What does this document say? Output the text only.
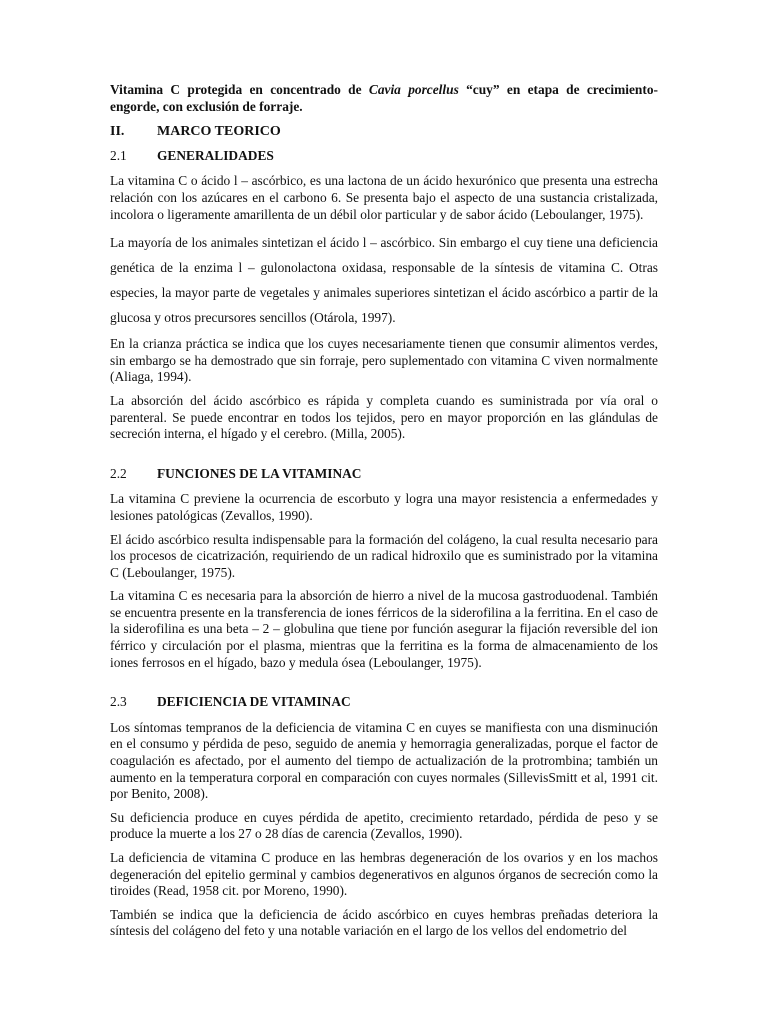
Vitamina C protegida en concentrado de Cavia porcellus “cuy” en etapa de crecimiento-engorde, con exclusión de forraje.
II.	MARCO TEORICO
2.1	GENERALIDADES

La vitamina C o ácido l – ascórbico, es una lactona de un ácido hexurónico que presenta una estrecha relación con los azúcares en el carbono 6. Se presenta bajo el aspecto de una sustancia cristalizada, incolora o ligeramente amarillenta de un débil olor particular y de sabor ácido (Leboulanger, 1975).

La mayoría de los animales sintetizan el ácido l – ascórbico. Sin embargo el cuy tiene una deficiencia genética de la enzima l – gulonolactona oxidasa, responsable de la síntesis de vitamina C. Otras especies, la mayor parte de vegetales y animales superiores sintetizan el ácido ascórbico a partir de la glucosa y otros precursores sencillos (Otárola, 1997).

En la crianza práctica se indica que los cuyes necesariamente tienen que consumir alimentos verdes, sin embargo se ha demostrado que sin forraje, pero suplementado con vitamina C viven normalmente (Aliaga, 1994).

La absorción del ácido ascórbico es rápida y completa cuando es suministrada por vía oral o parenteral. Se puede encontrar en todos los tejidos, pero en mayor proporción en las glándulas de secreción interna, el hígado y el cerebro. (Milla, 2005).

2.2	FUNCIONES DE LA VITAMINAC

La vitamina C previene la ocurrencia de escorbuto y logra una mayor resistencia a enfermedades y lesiones patológicas (Zevallos, 1990).

El ácido ascórbico resulta indispensable para la formación del colágeno, la cual resulta necesario para los procesos de cicatrización, requiriendo de un radical hidroxilo que es suministrado por la vitamina C (Leboulanger, 1975).

La vitamina C es necesaria para la absorción de hierro a nivel de la mucosa gastroduodenal. También se encuentra presente en la transferencia de iones férricos de la siderofilina a la ferritina. En el caso de la siderofilina es una beta – 2 – globulina que tiene por función asegurar la fijación reversible del ion férrico y circulación por el plasma, mientras que la ferritina es la forma de almacenamiento de los iones ferrosos en el hígado, bazo y medula ósea (Leboulanger, 1975).

2.3	DEFICIENCIA DE VITAMINAC

Los síntomas tempranos de la deficiencia de vitamina C en cuyes se manifiesta con una disminución en el consumo y pérdida de peso, seguido de anemia y hemorragia generalizadas, porque el factor de coagulación es afectado, por el aumento del tiempo de actualización de la protrombina; también un aumento en la temperatura corporal en comparación con cuyes normales (SillevisSmitt et al, 1991 cit. por Benito, 2008).

Su deficiencia produce en cuyes pérdida de apetito, crecimiento retardado, pérdida de peso y se produce la muerte a los 27 o 28 días de carencia (Zevallos, 1990).

La deficiencia de vitamina C produce en las hembras degeneración de los ovarios y en los machos degeneración del epitelio germinal y cambios degenerativos en algunos órganos de secreción como la tiroides (Read, 1958 cit. por Moreno, 1990).

También se indica que la deficiencia de ácido ascórbico en cuyes hembras preñadas deteriora la síntesis del colágeno del feto y una notable variación en el largo de los vellos del endometrio del
